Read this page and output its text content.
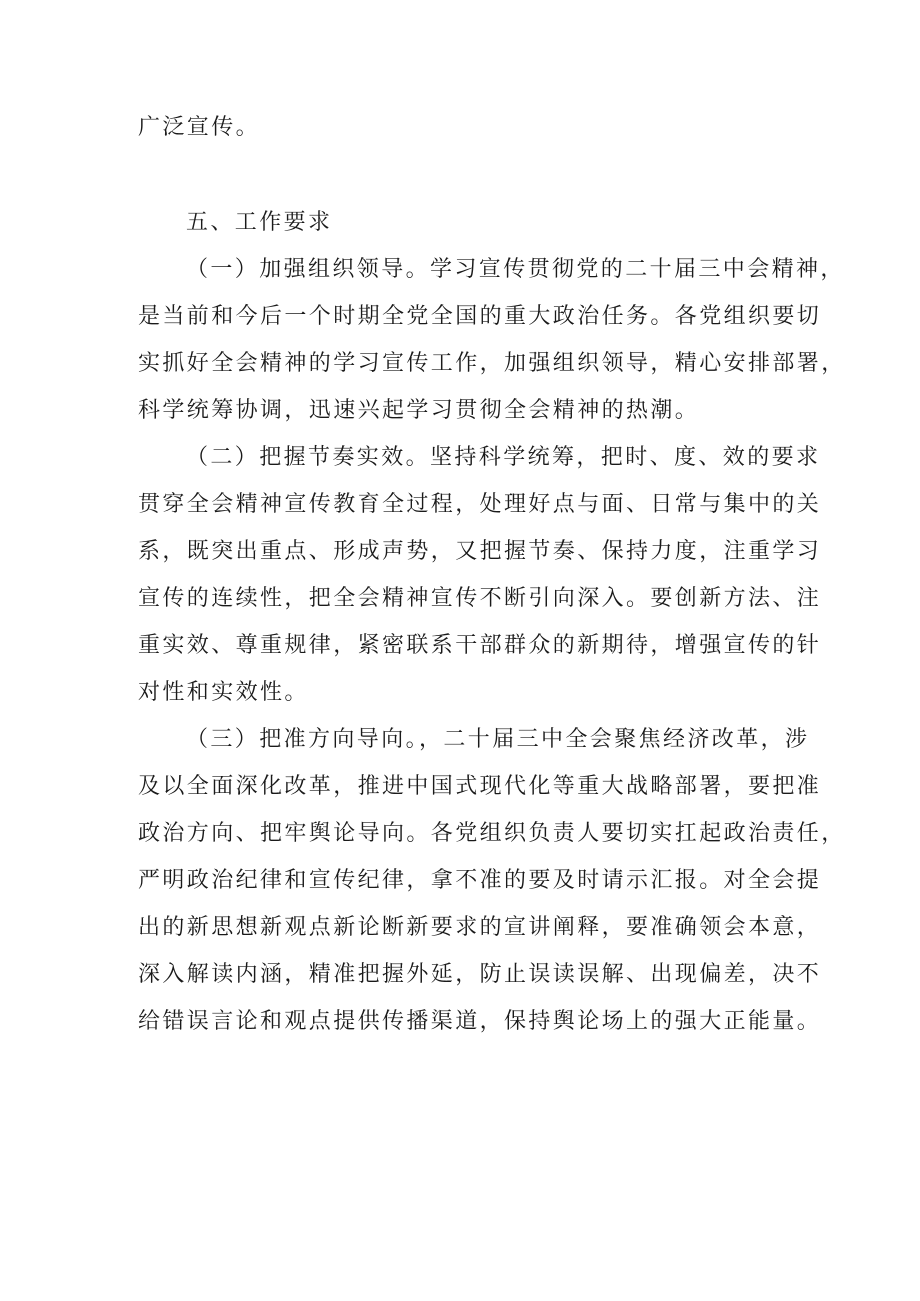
广泛宣传。
五、工作要求
（一）加强组织领导。学习宣传贯彻党的二十届三中会精神，
是当前和今后一个时期全党全国的重大政治任务。各党组织要切
实抓好全会精神的学习宣传工作，加强组织领导，精心安排部署，
科学统筹协调，迅速兴起学习贯彻全会精神的热潮。
（二）把握节奏实效。坚持科学统筹，把时、度、效的要求
贯穿全会精神宣传教育全过程，处理好点与面、日常与集中的关
系，既突出重点、形成声势，又把握节奏、保持力度，注重学习
宣传的连续性，把全会精神宣传不断引向深入。要创新方法、注
重实效、尊重规律，紧密联系干部群众的新期待，增强宣传的针
对性和实效性。
（三）把准方向导向。，二十届三中全会聚焦经济改革，涉
及以全面深化改革，推进中国式现代化等重大战略部署，要把准
政治方向、把牢舆论导向。各党组织负责人要切实扛起政治责任，
严明政治纪律和宣传纪律，拿不准的要及时请示汇报。对全会提
出的新思想新观点新论断新要求的宣讲阐释，要准确领会本意，
深入解读内涵，精准把握外延，防止误读误解、出现偏差，决不
给错误言论和观点提供传播渠道，保持舆论场上的强大正能量。
